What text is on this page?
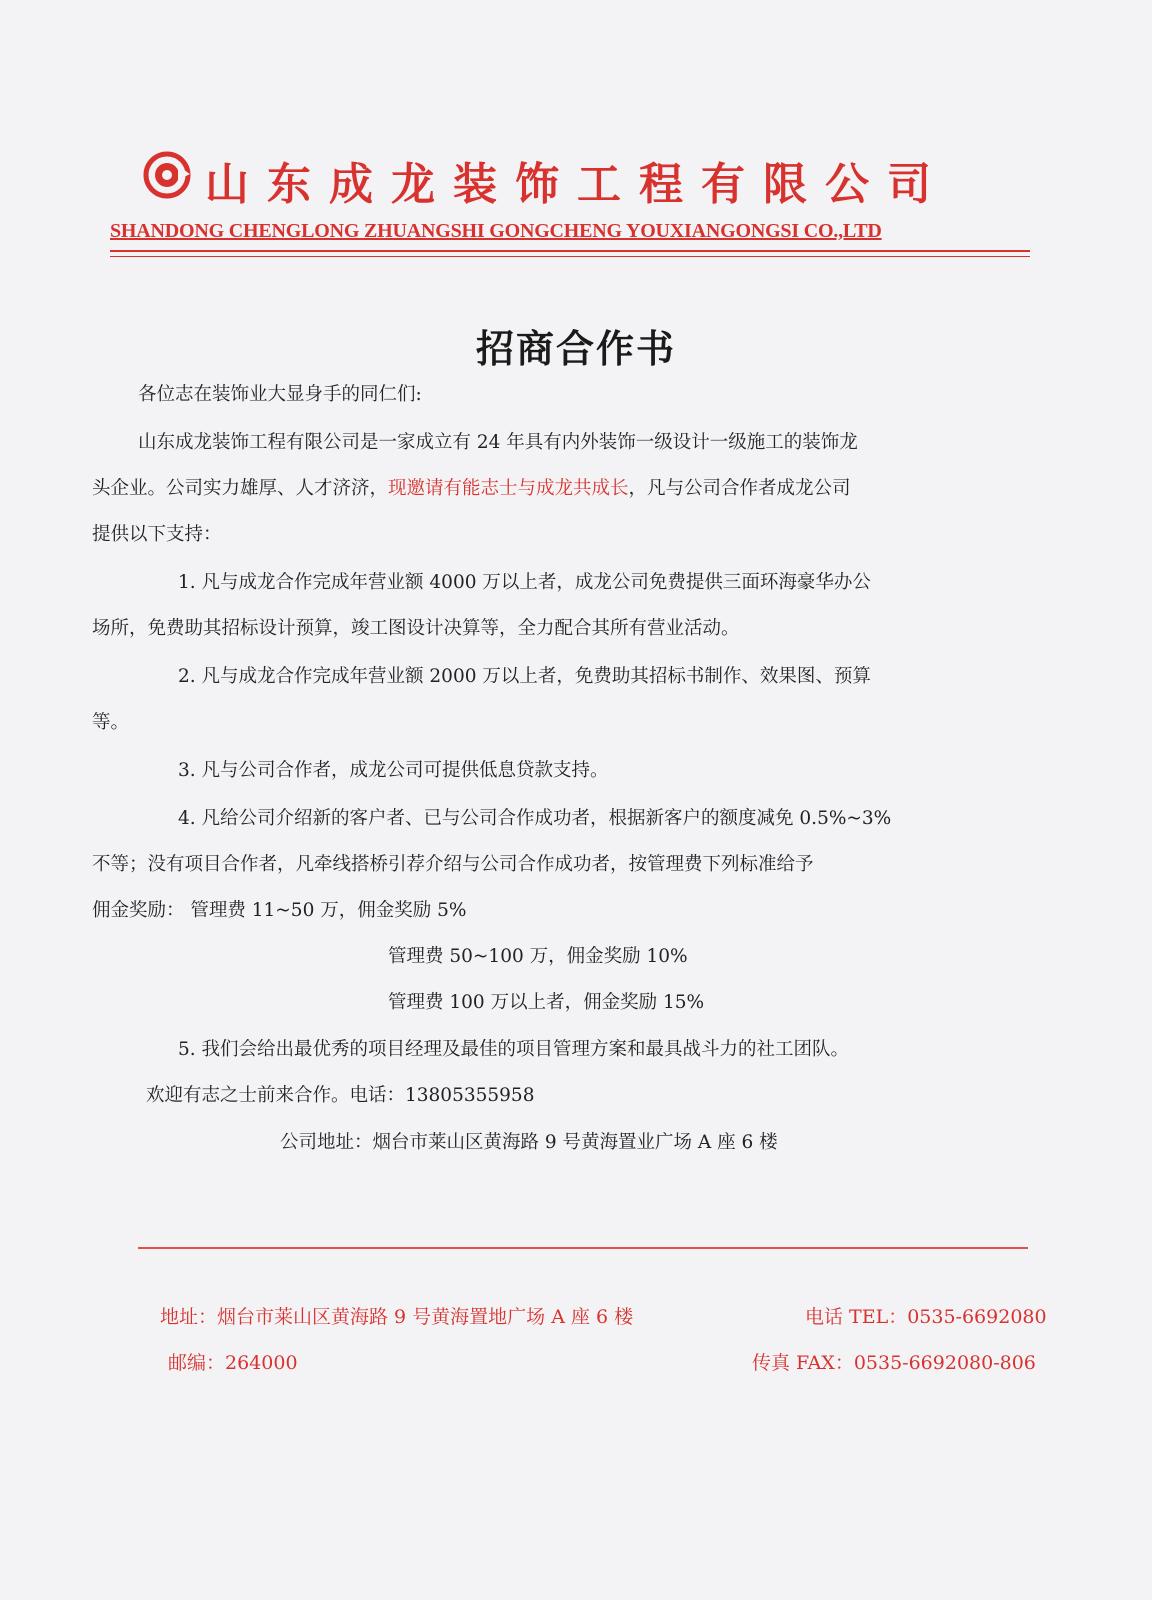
山东成龙装饰工程有限公司
SHANDONG CHENGLONG ZHUANGSHI GONGCHENG YOUXIANGONGSI CO.,LTD
招商合作书
各位志在装饰业大显身手的同仁们:
山东成龙装饰工程有限公司是一家成立有 24 年具有内外装饰一级设计一级施工的装饰龙
头企业。公司实力雄厚、人才济济，现邀请有能志士与成龙共成长，凡与公司合作者成龙公司
提供以下支持：
1. 凡与成龙合作完成年营业额 4000 万以上者，成龙公司免费提供三面环海豪华办公
场所，免费助其招标设计预算，竣工图设计决算等，全力配合其所有营业活动。
2. 凡与成龙合作完成年营业额 2000 万以上者，免费助其招标书制作、效果图、预算
等。
3. 凡与公司合作者，成龙公司可提供低息贷款支持。
4. 凡给公司介绍新的客户者、已与公司合作成功者，根据新客户的额度减免 0.5%~3%
不等；没有项目合作者，凡牵线搭桥引荐介绍与公司合作成功者，按管理费下列标准给予
佣金奖励： 管理费 11~50 万，佣金奖励 5%
管理费 50~100 万，佣金奖励 10%
管理费 100 万以上者，佣金奖励 15%
5. 我们会给出最优秀的项目经理及最佳的项目管理方案和最具战斗力的社工团队。
欢迎有志之士前来合作。电话：13805355958
公司地址：烟台市莱山区黄海路 9 号黄海置业广场 A 座 6 楼
地址：烟台市莱山区黄海路 9 号黄海置地广场 A 座 6 楼	电话 TEL：0535-6692080
邮编：264000	传真 FAX：0535-6692080-806
